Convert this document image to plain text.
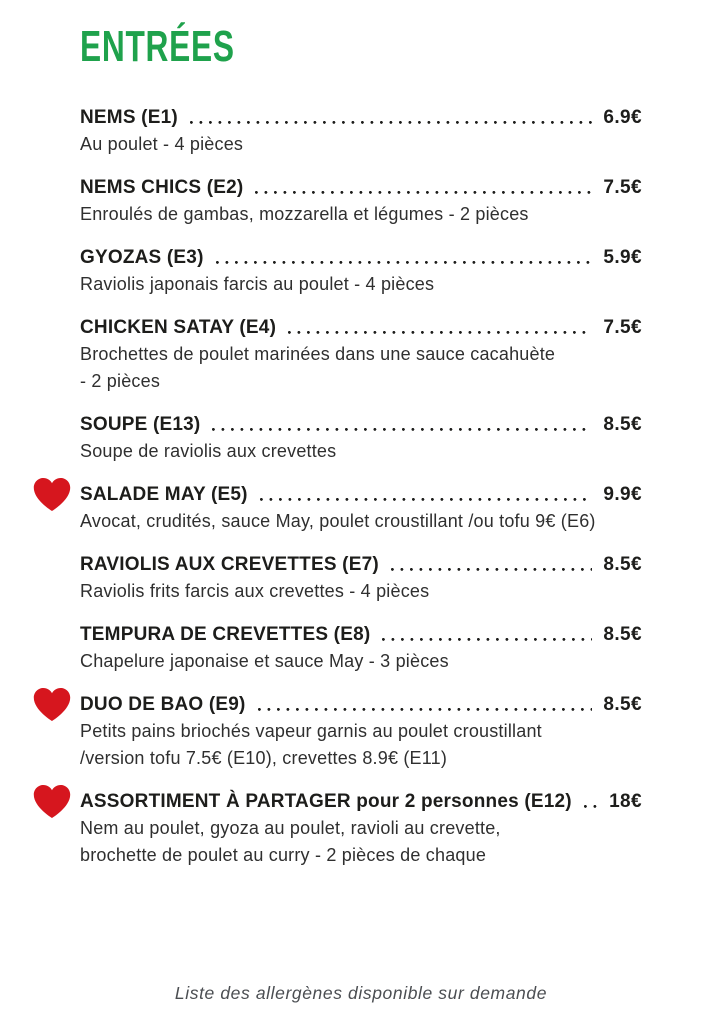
ENTRÉES
NEMS (E1)	6.9€
Au poulet - 4 pièces
NEMS CHICS (E2)	7.5€
Enroulés de gambas, mozzarella et légumes - 2 pièces
GYOZAS (E3)	5.9€
Raviolis japonais farcis au poulet - 4 pièces
CHICKEN SATAY (E4)	7.5€
Brochettes de poulet marinées dans une sauce cacahuète
- 2 pièces
SOUPE (E13)	8.5€
Soupe de raviolis aux crevettes
SALADE MAY (E5)	9.9€
Avocat, crudités, sauce May, poulet croustillant /ou tofu 9€ (E6)
RAVIOLIS AUX CREVETTES (E7)	8.5€
Raviolis frits farcis aux crevettes - 4 pièces
TEMPURA DE CREVETTES (E8)	8.5€
Chapelure japonaise et sauce May - 3 pièces
DUO DE BAO (E9)	8.5€
Petits pains briochés vapeur garnis au poulet croustillant
/version tofu 7.5€ (E10), crevettes 8.9€ (E11)
ASSORTIMENT À PARTAGER pour 2 personnes (E12) 18€
Nem au poulet, gyoza au poulet, ravioli au crevette,
brochette de poulet au curry - 2 pièces de chaque
Liste des allergènes disponible sur demande
